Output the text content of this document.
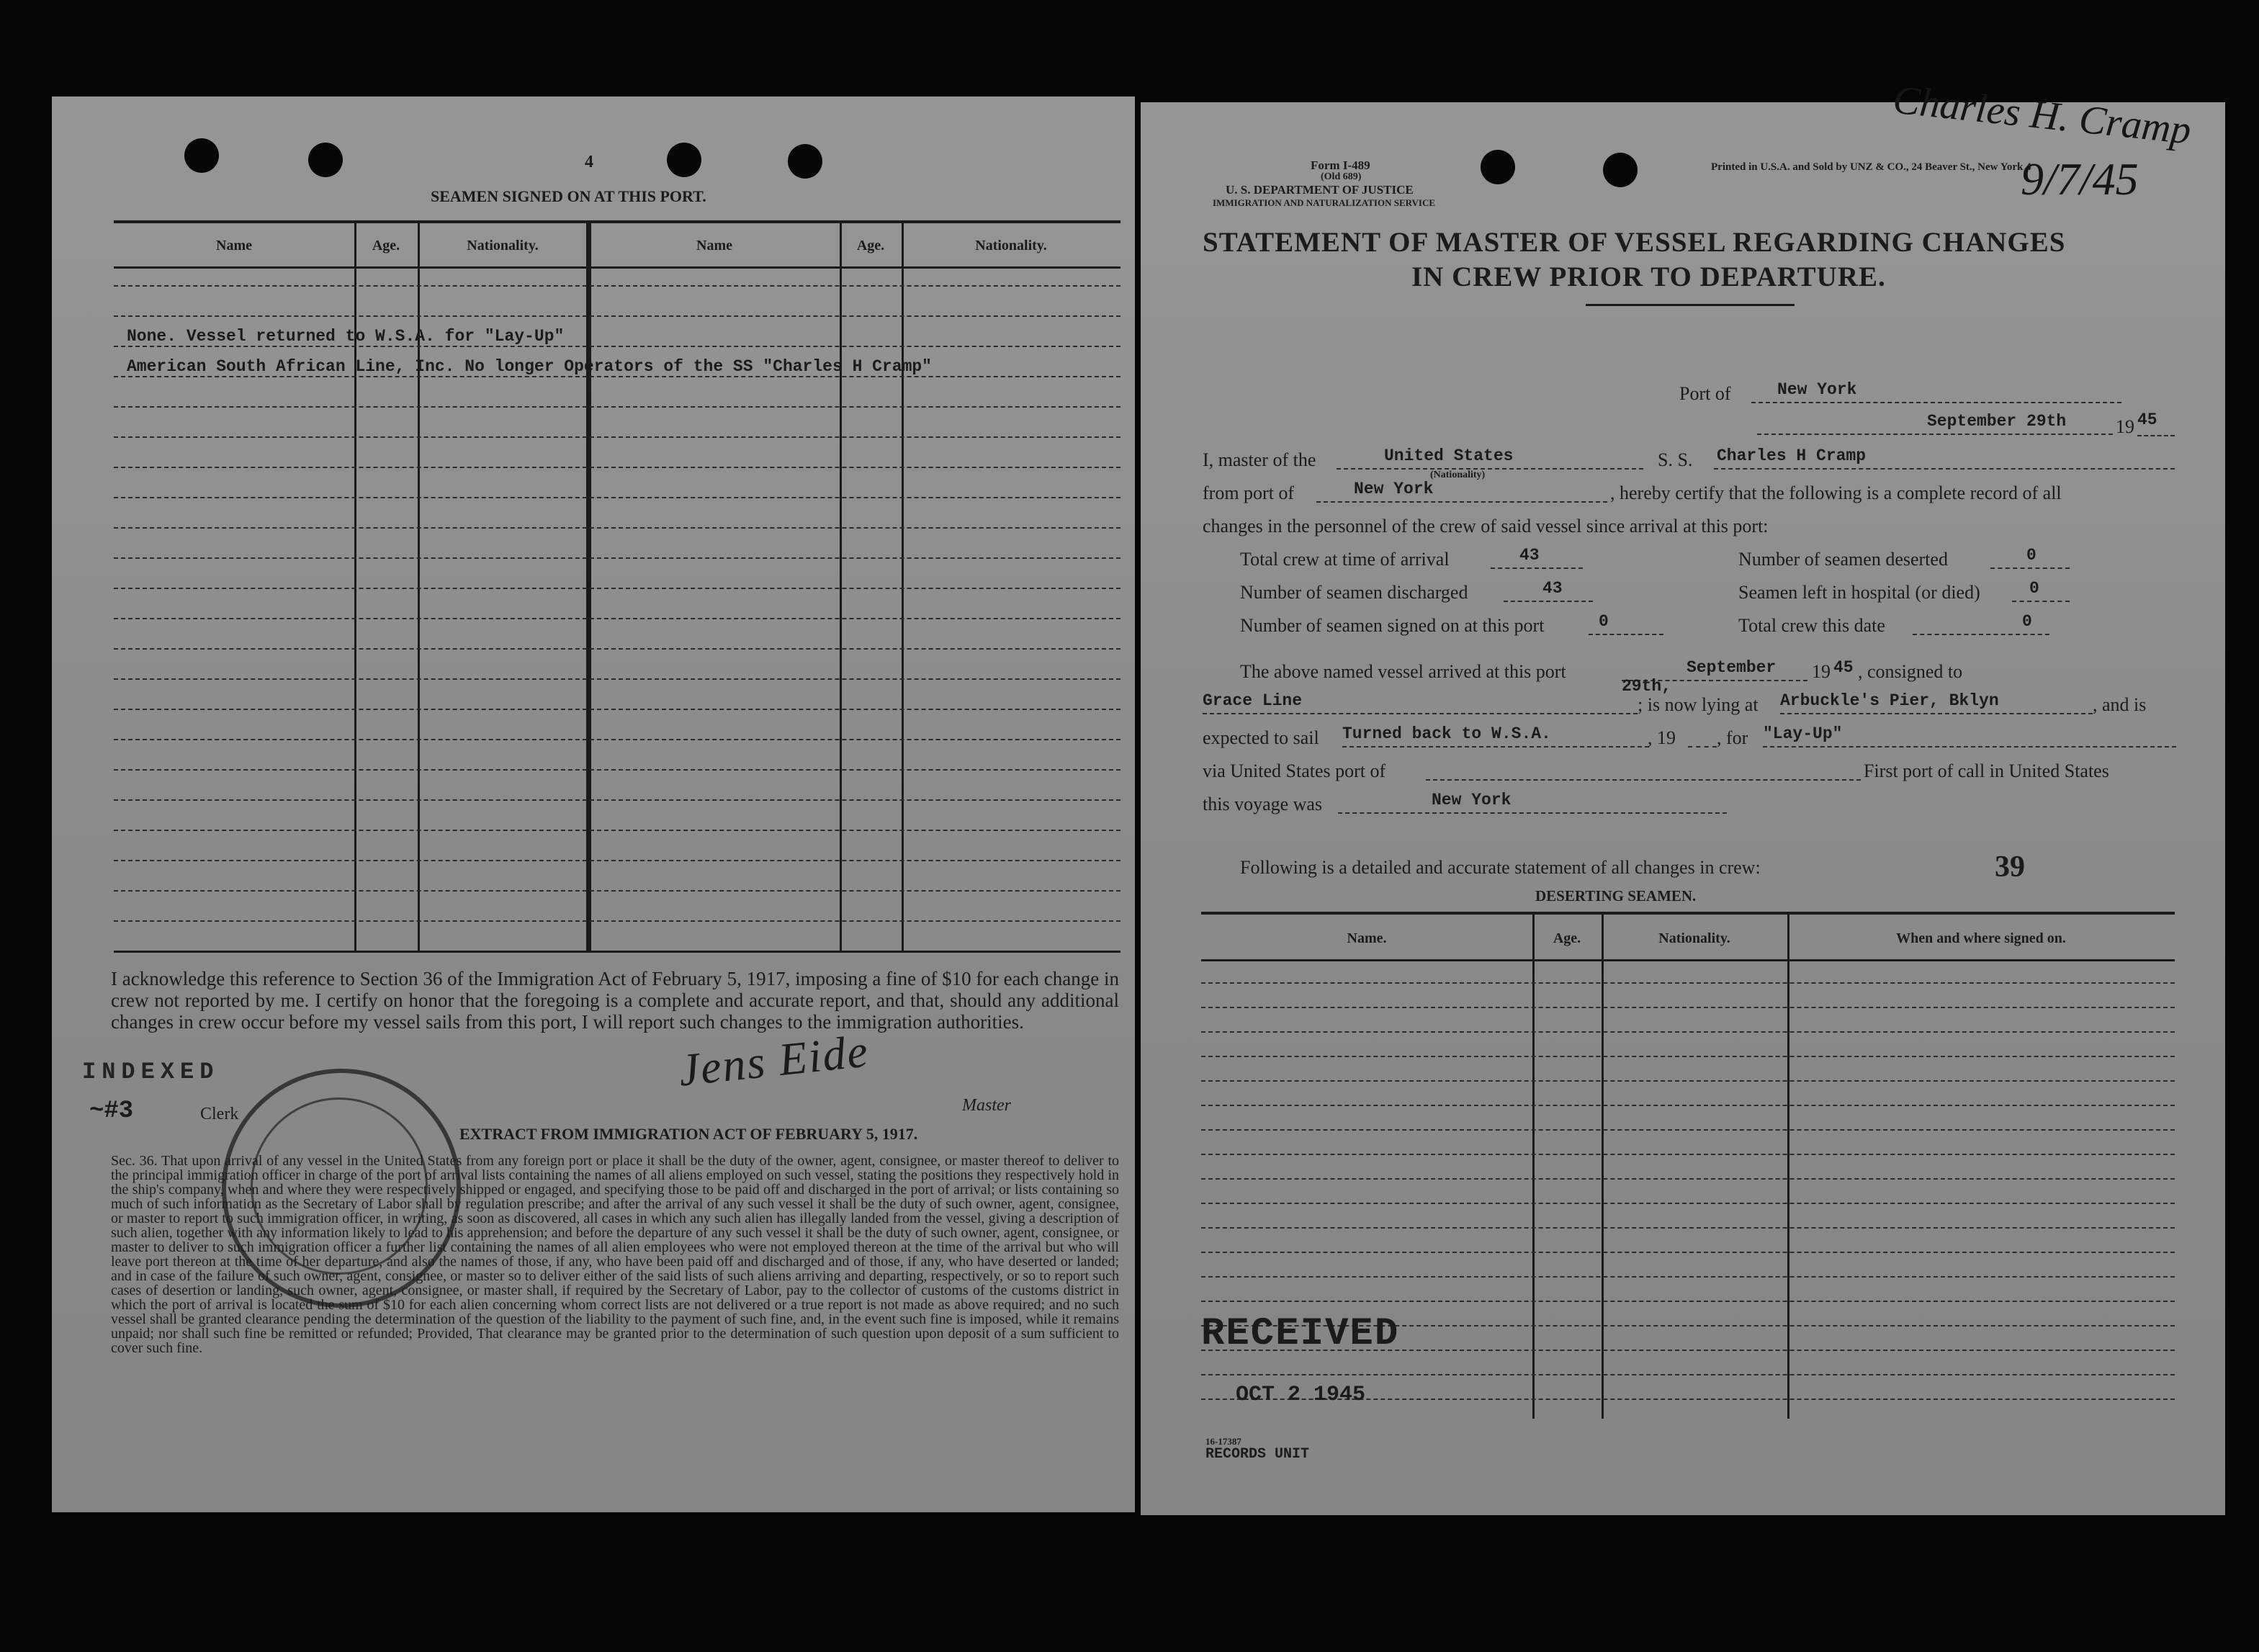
4
SEAMEN SIGNED ON AT THIS PORT.
Name	Age.	Nationality.	Name	Age.	Nationality.
None. Vessel returned to W.S.A. for "Lay-Up"
American South African Line, Inc. No longer Operators of the SS "Charles H Cramp"
I acknowledge this reference to Section 36 of the Immigration Act of February 5, 1917, imposing a fine of $10 for each change in crew not reported by me. I certify on honor that the foregoing is a complete and accurate report, and that, should any additional changes in crew occur before my vessel sails from this port, I will report such changes to the immigration authorities.
INDEXED
~#3	Clerk
Jens Eide
Master
EXTRACT FROM IMMIGRATION ACT OF FEBRUARY 5, 1917.
Sec. 36. That upon arrival of any vessel in the United States from any foreign port or place it shall be the duty of the owner, agent, consignee, or master thereof to deliver to the principal immigration officer in charge of the port of arrival lists containing the names of all aliens employed on such vessel, stating the positions they respectively hold in the ship's company, when and where they were respectively shipped or engaged, and specifying those to be paid off and discharged in the port of arrival; or lists containing so much of such information as the Secretary of Labor shall by regulation prescribe; and after the arrival of any such vessel it shall be the duty of such owner, agent, consignee, or master to report to such immigration officer, in writing, as soon as discovered, all cases in which any such alien has illegally landed from the vessel, giving a description of such alien, together with any information likely to lead to his apprehension; and before the departure of any such vessel it shall be the duty of such owner, agent, consignee, or master to deliver to such immigration officer a further list containing the names of all alien employees who were not employed thereon at the time of the arrival but who will leave port thereon at the time of her departure, and also the names of those, if any, who have been paid off and discharged and of those, if any, who have deserted or landed; and in case of the failure of such owner, agent, consignee, or master so to deliver either of the said lists of such aliens arriving and departing, respectively, or so to report such cases of desertion or landing, such owner, agent, consignee, or master shall, if required by the Secretary of Labor, pay to the collector of customs of the customs district in which the port of arrival is located the sum of $10 for each alien concerning whom correct lists are not delivered or a true report is not made as above required; and no such vessel shall be granted clearance pending the determination of the question of the liability to the payment of such fine, and, in the event such fine is imposed, while it remains unpaid; nor shall such fine be remitted or refunded; Provided, That clearance may be granted prior to the determination of such question upon deposit of a sum sufficient to cover such fine.
Form I-489
(Old 689)
U. S. DEPARTMENT OF JUSTICE
IMMIGRATION AND NATURALIZATION SERVICE
Printed in U.S.A. and Sold by UNZ & CO., 24 Beaver St., New York 4
Charles H. Cramp
9/7/45
STATEMENT OF MASTER OF VESSEL REGARDING CHANGES
IN CREW PRIOR TO DEPARTURE.
Port of	New York
September 29th	19 45
I, master of the	United States
(Nationality)
S. S. Charles H Cramp
from port of	New York	, hereby certify that the following is a complete record of all
changes in the personnel of the crew of said vessel since arrival at this port:
Total crew at time of arrival	43	Number of seamen deserted	0
Number of seamen discharged	43	Seamen left in hospital (or died)	0
Number of seamen signed on at this port	0	Total crew this date	0
The above named vessel arrived at this port	September 29th,
19 45 , consigned to
Grace Line	; is now lying at Arbuckle's Pier, Bklyn	, and is
expected to sail Turned back to W.S.A.	, 19 , for "Lay-Up"
via United States port of	First port of call in United States
this voyage was	New York
Following is a detailed and accurate statement of all changes in crew:	39
DESERTING SEAMEN.
Name.	Age.	Nationality.	When and where signed on.
RECEIVED
OCT 2 1945
16-17387
RECORDS UNIT
